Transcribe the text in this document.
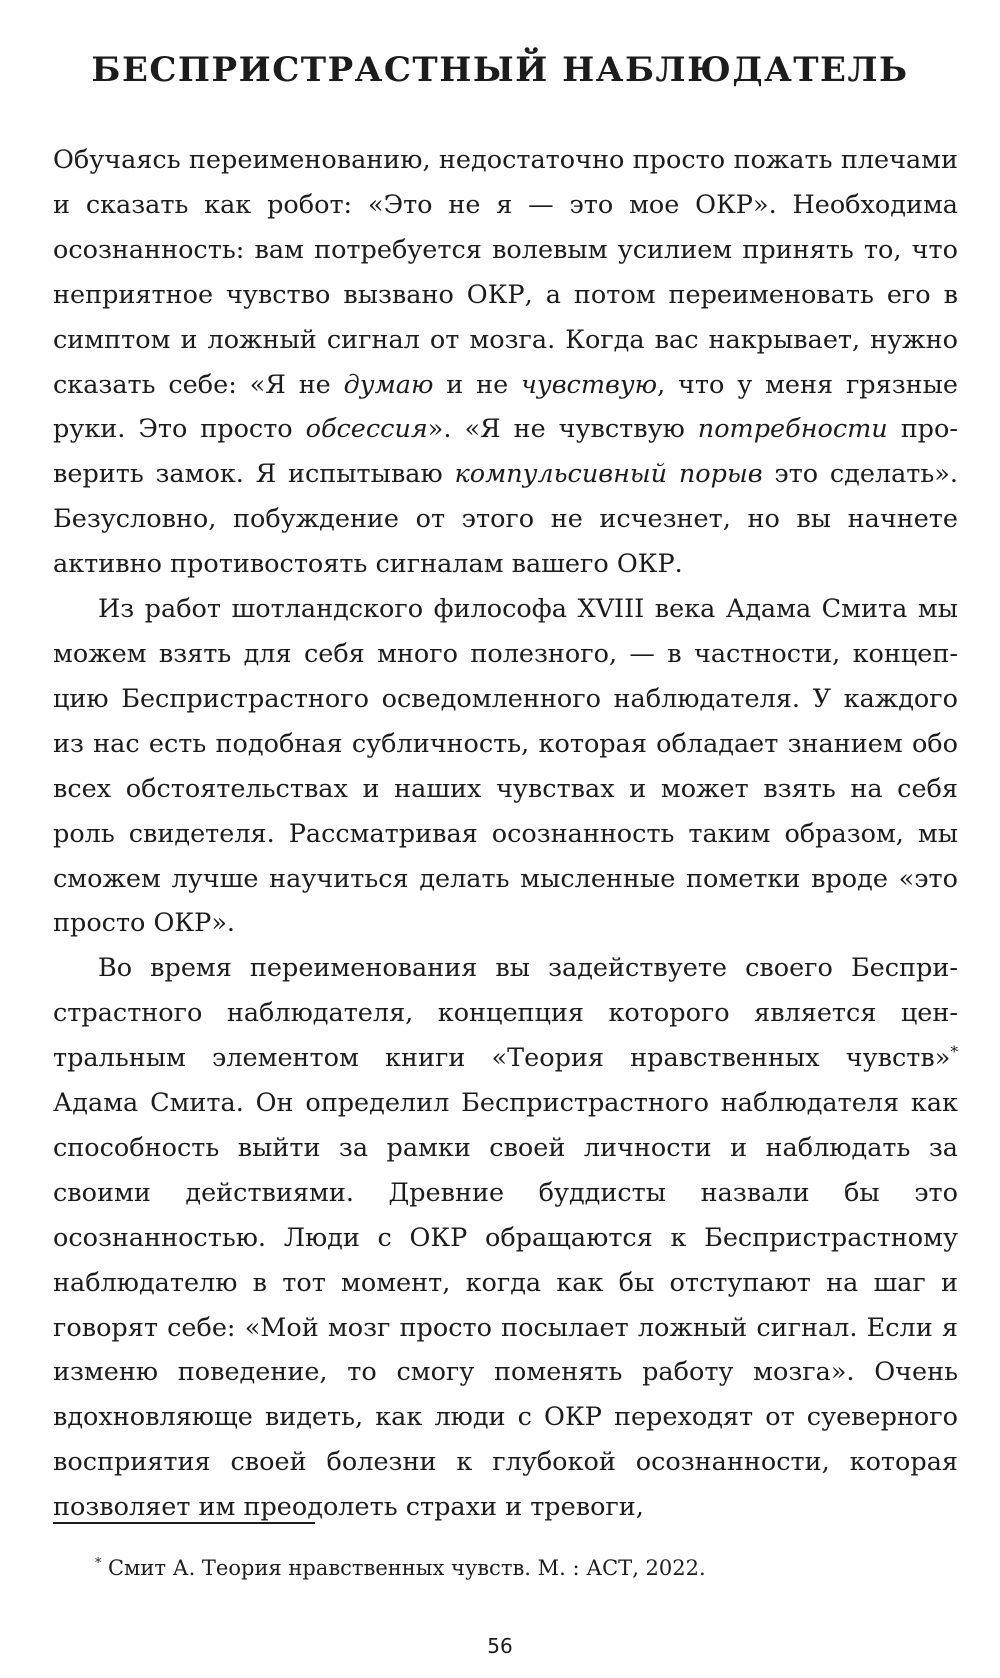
БЕСПРИСТРАСТНЫЙ НАБЛЮДАТЕЛЬ

Обучаясь переименованию, недостаточно просто пожать плечами и сказать как робот: «Это не я — это мое ОКР». Необходима осознанность: вам потребуется волевым усилием принять то, что неприятное чувство вызвано ОКР, а потом переименовать его в симптом и ложный сигнал от мозга. Когда вас накрывает, нужно сказать себе: «Я не думаю и не чувствую, что у меня грязные руки. Это просто обсессия». «Я не чувствую потребности проверить замок. Я испытываю компульсивный порыв это сделать». Безусловно, побуждение от этого не исчезнет, но вы начнете активно противостоять сигналам вашего ОКР.

Из работ шотландского философа XVIII века Адама Смита мы можем взять для себя много полезного, — в частности, концепцию Беспристрастного осведомленного наблюдателя. У каждого из нас есть подобная субличность, которая обладает знанием обо всех обстоятельствах и наших чувствах и может взять на себя роль свидетеля. Рассматривая осознанность таким образом, мы сможем лучше научиться делать мысленные пометки вроде «это просто ОКР».

Во время переименования вы задействуете своего Беспристрастного наблюдателя, концепция которого является центральным элементом книги «Теория нравственных чувств»* Адама Смита. Он определил Беспристрастного наблюдателя как способность выйти за рамки своей личности и наблюдать за своими действиями. Древние буддисты назвали бы это осознанностью. Люди с ОКР обращаются к Беспристрастному наблюдателю в тот момент, когда как бы отступают на шаг и говорят себе: «Мой мозг просто посылает ложный сигнал. Если я изменю поведение, то смогу поменять работу мозга». Очень вдохновляюще видеть, как люди с ОКР переходят от суеверного восприятия своей болезни к глубокой осознанности, которая позволяет им преодолеть страхи и тревоги,

* Смит А. Теория нравственных чувств. М. : АСТ, 2022.
56
